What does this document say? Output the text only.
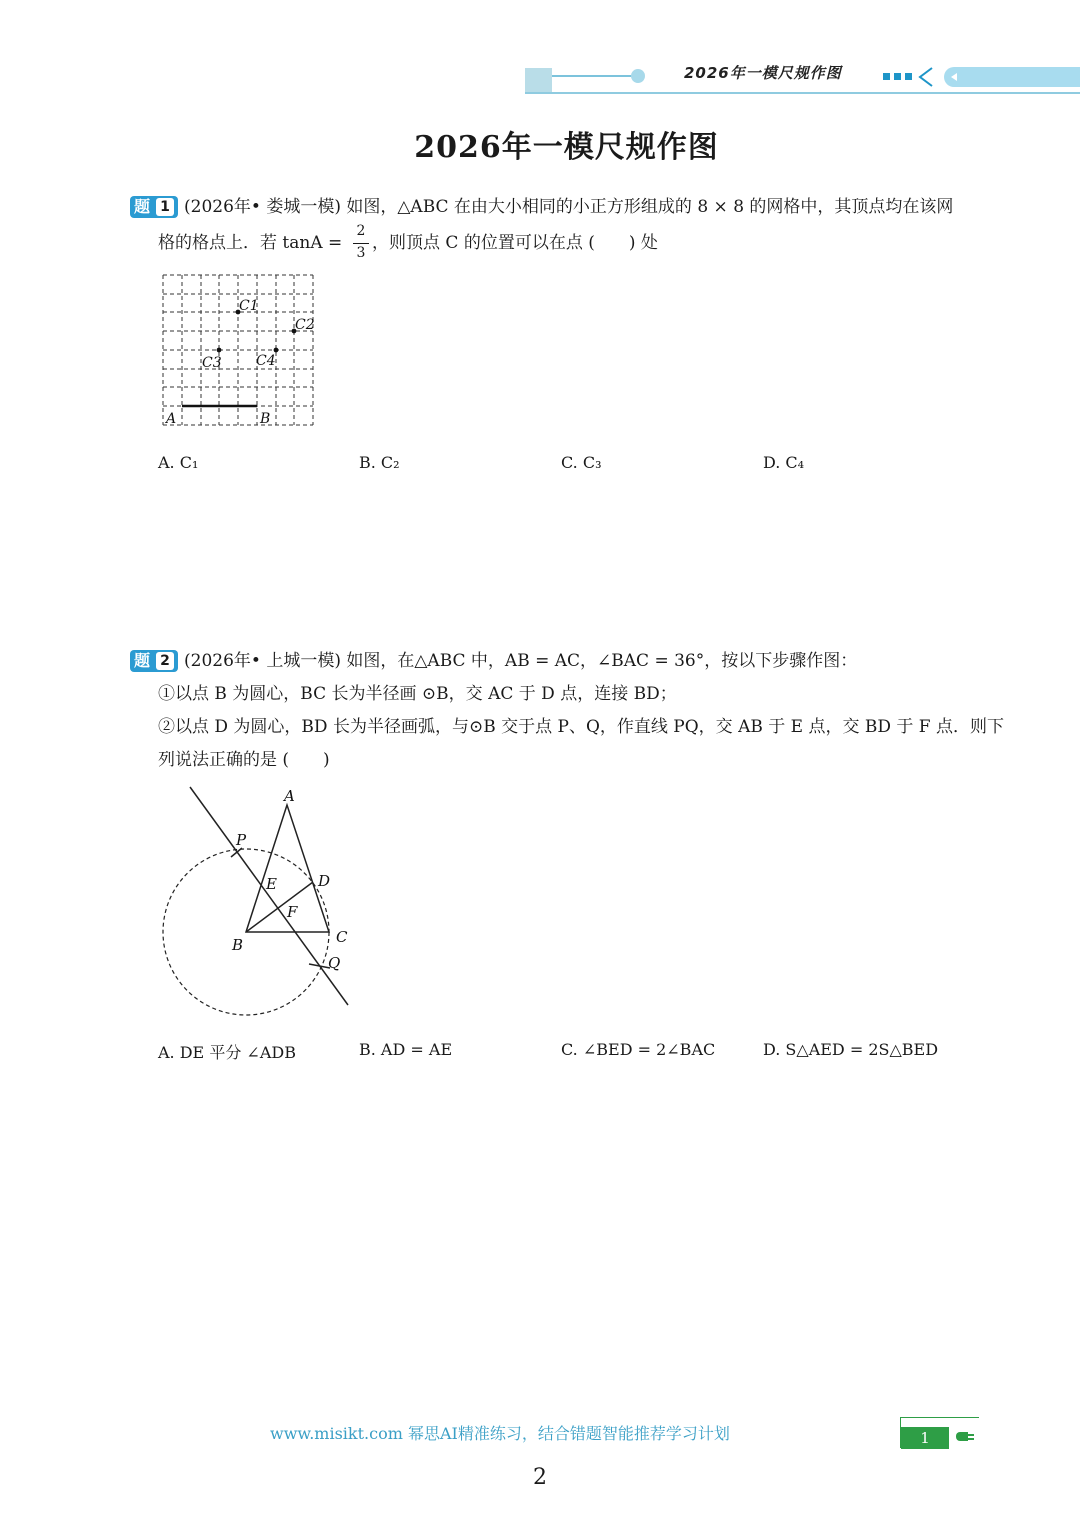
2026年一模尺规作图
2026年一模尺规作图
题 1 (2026年• 娄城一模) 如图，△ABC 在由大小相同的小正方形组成的 8 × 8 的网格中，其顶点均在该网
格的格点上．若 tanA =
2
3 ，则顶点 C 的位置可以在点 (　　) 处
C1
C2
C3 C4
A	B
A. C₁	B. C₂	C. C₃	D. C₄
题 2 (2026年• 上城一模) 如图，在△ABC 中，AB = AC，∠BAC = 36°，按以下步骤作图：
①以点 B 为圆心，BC 长为半径画 ⊙B，交 AC 于 D 点，连接 BD；
②以点 D 为圆心，BD 长为半径画弧，与⊙B 交于点 P、Q，作直线 PQ，交 AB 于 E 点，交 BD 于 F 点．则下
列说法正确的是 (　　)
A
P
E	D
F
B	C
Q
A. DE 平分 ∠ADB	B. AD = AE	C. ∠BED = 2∠BAC	D. S△AED = 2S△BED
www.misikt.com 幂思AI精准练习，结合错题智能推荐学习计划	1
2
